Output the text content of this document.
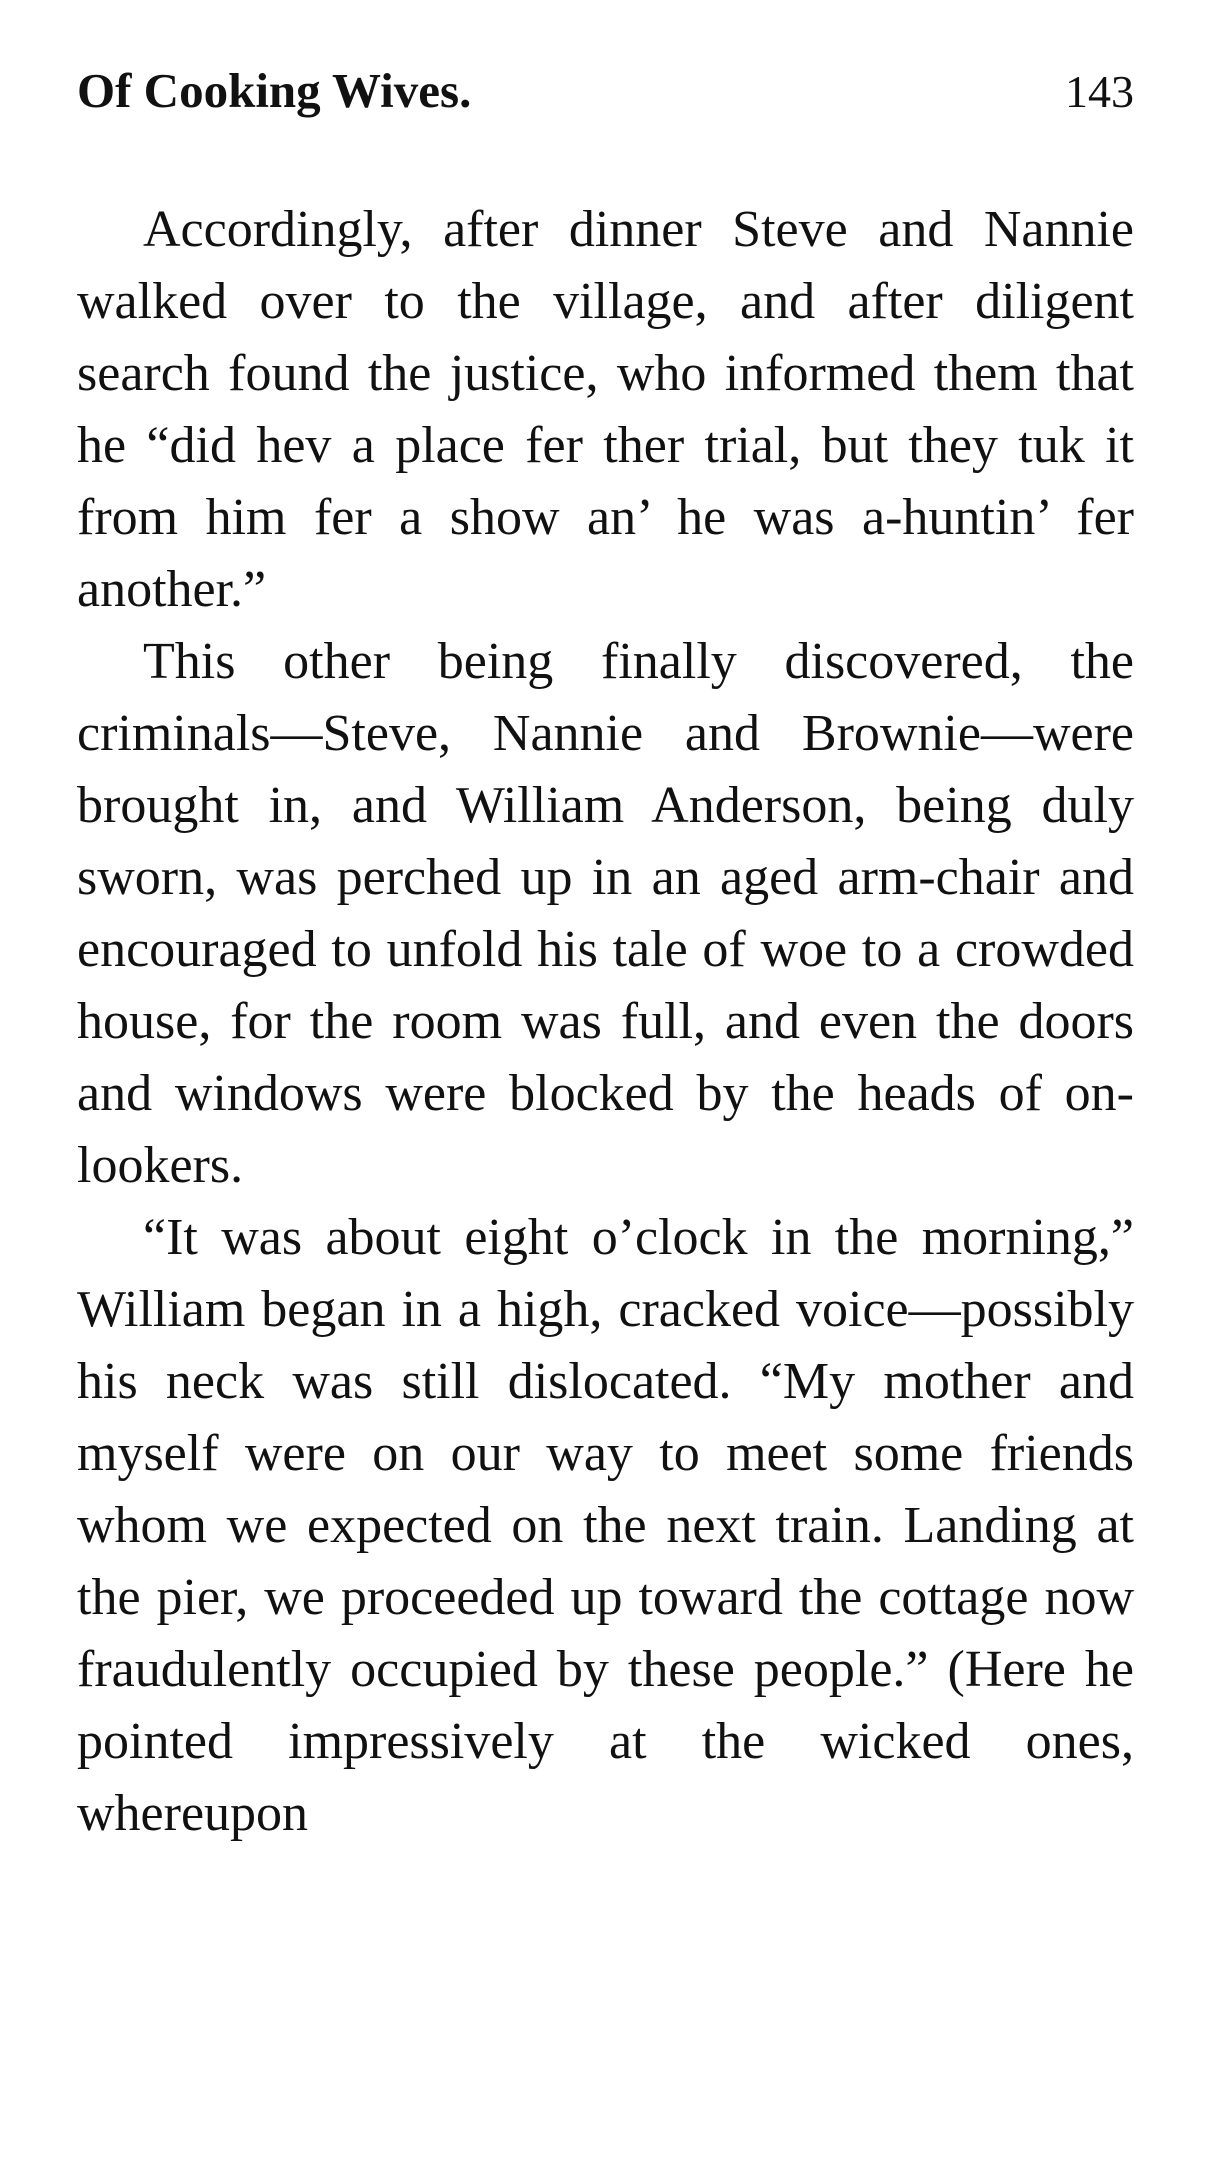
Of Cooking Wives.	143

Accordingly, after dinner Steve and Nannie walked over to the village, and after diligent search found the justice, who informed them that he “did hev a place fer ther trial, but they tuk it from him fer a show an’ he was a-huntin’ fer another.”

This other being finally discovered, the criminals—Steve, Nannie and Brownie—were brought in, and William Anderson, being duly sworn, was perched up in an aged arm-chair and encouraged to unfold his tale of woe to a crowded house, for the room was full, and even the doors and windows were blocked by the heads of on-lookers.

“It was about eight o’clock in the morning,” William began in a high, cracked voice—possibly his neck was still dislocated. “My mother and myself were on our way to meet some friends whom we expected on the next train. Landing at the pier, we proceeded up toward the cottage now fraudulently occupied by these people.” (Here he pointed impressively at the wicked ones, whereupon
